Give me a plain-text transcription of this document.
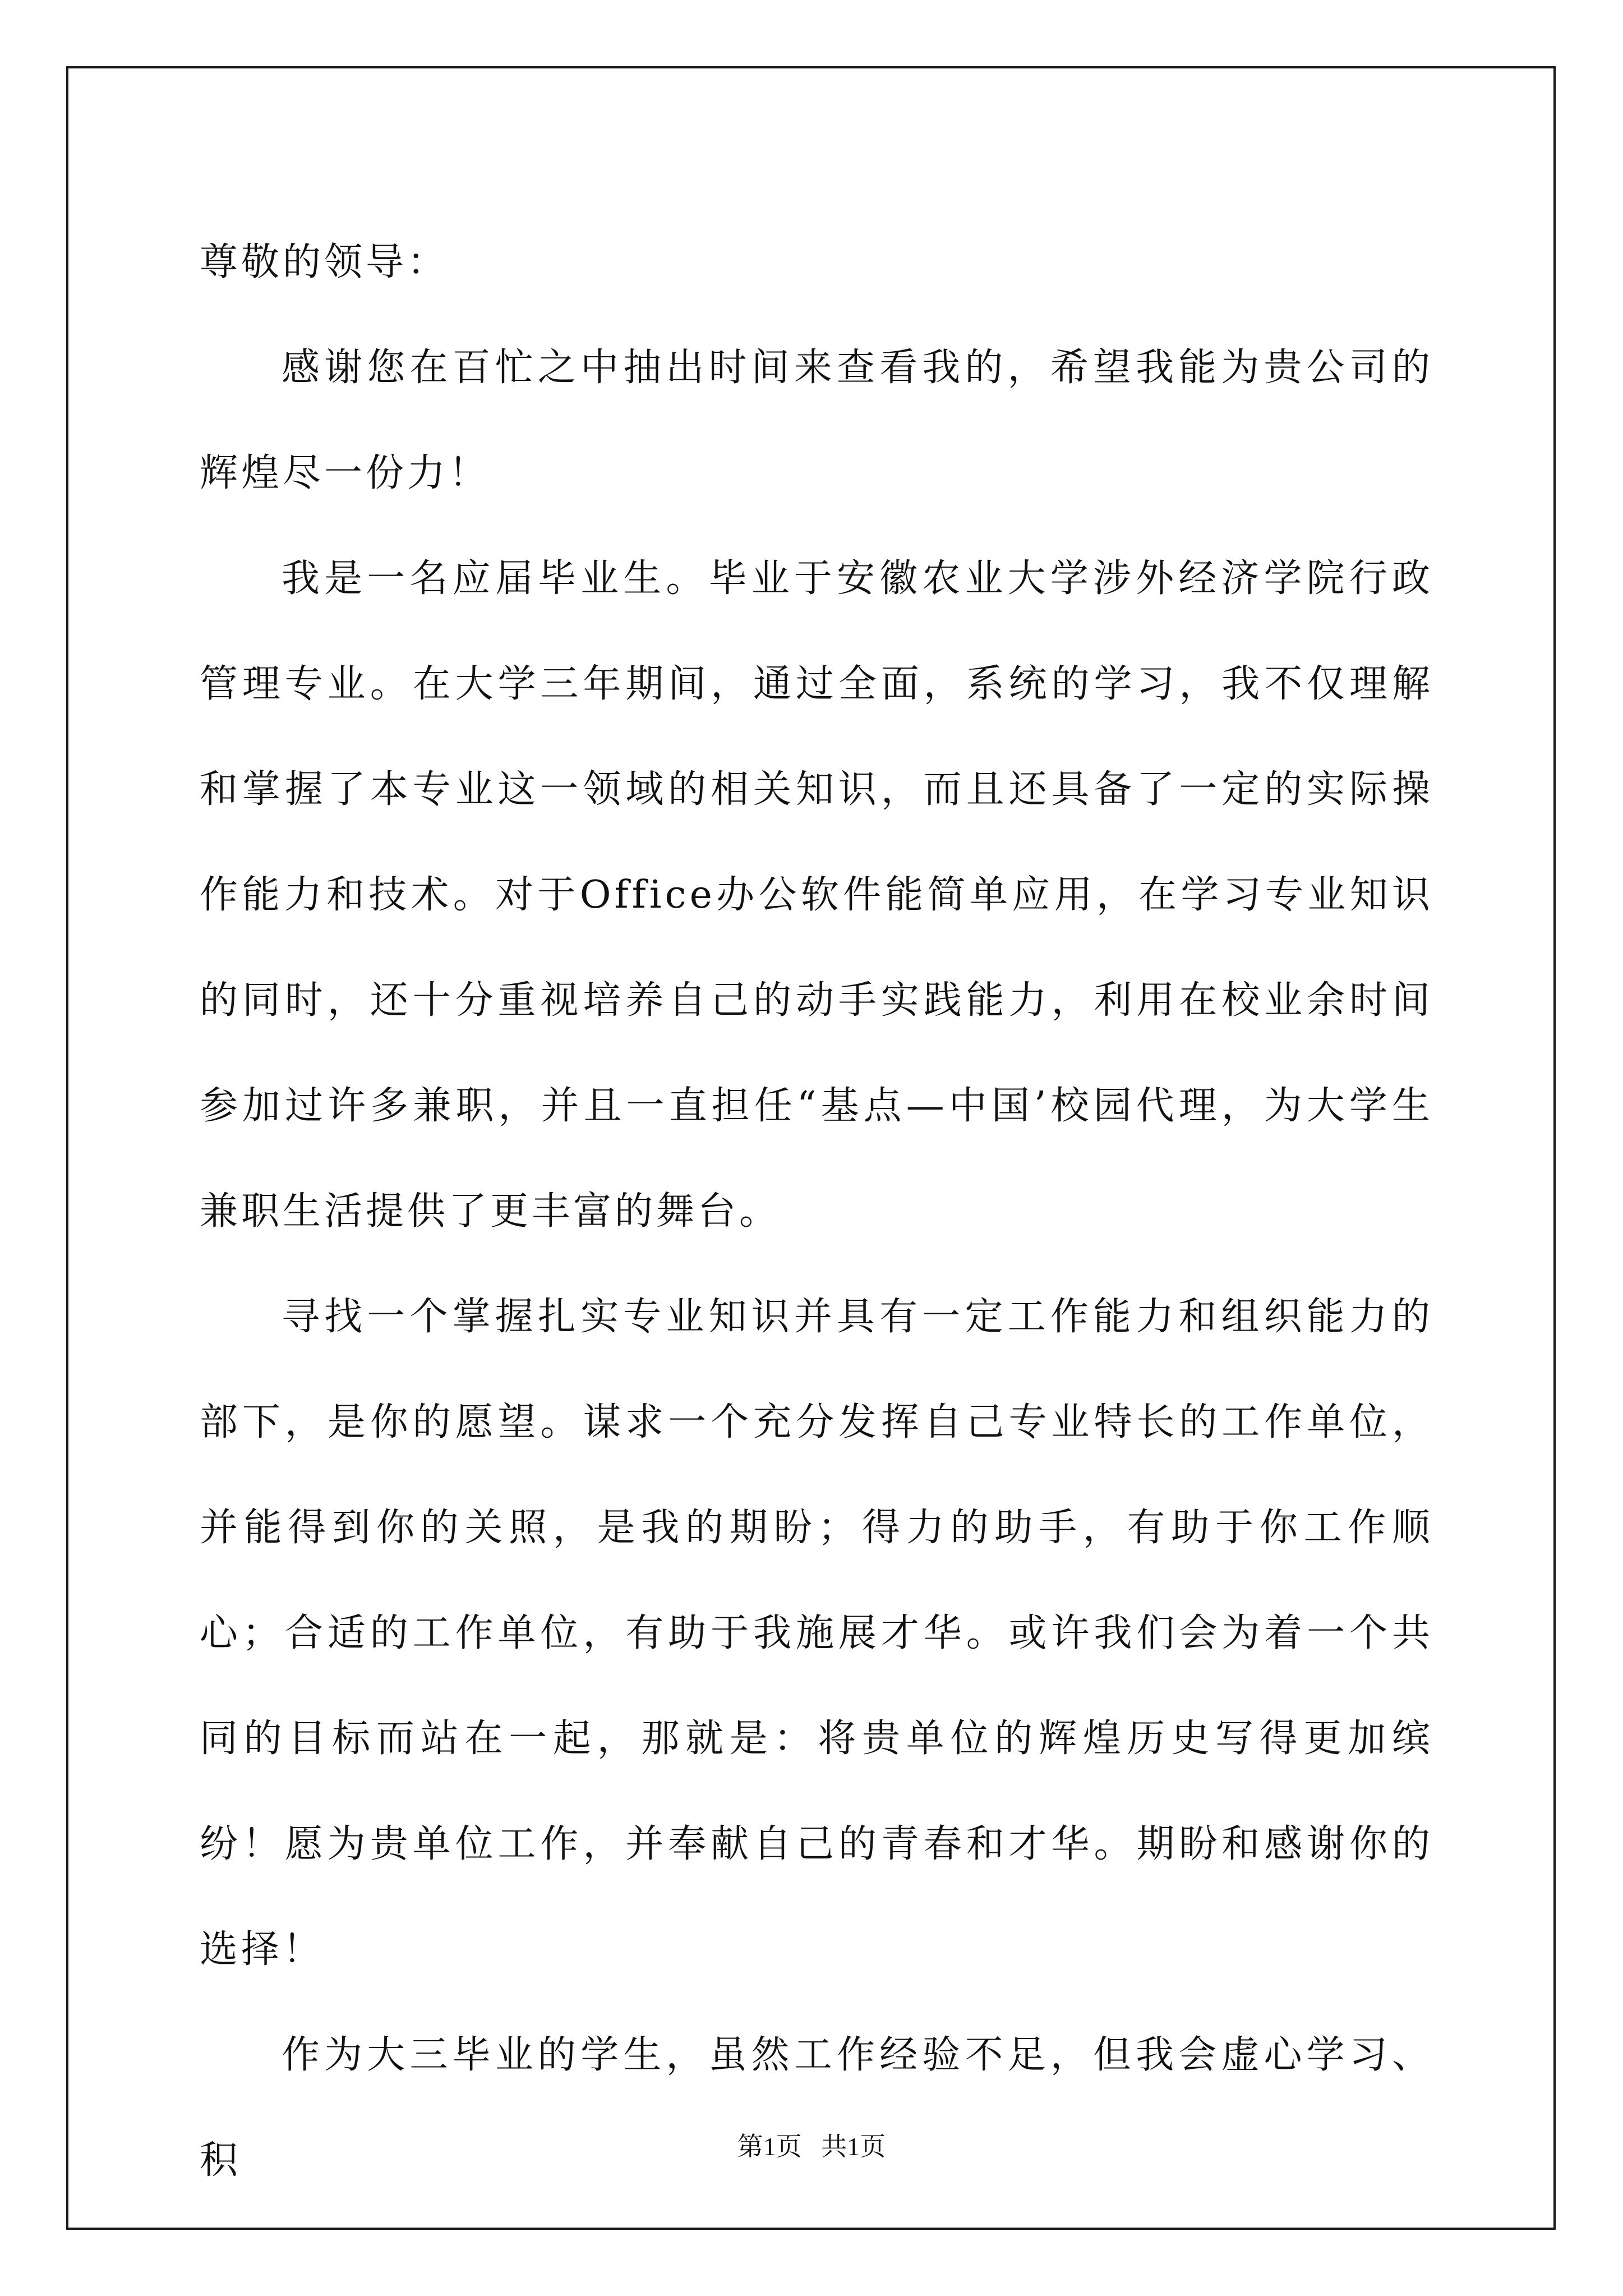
尊敬的领导：

感谢您在百忙之中抽出时间来查看我的，希望我能为贵公司的辉煌尽一份力！

我是一名应届毕业生。毕业于安徽农业大学涉外经济学院行政管理专业。在大学三年期间，通过全面，系统的学习，我不仅理解和掌握了本专业这一领域的相关知识，而且还具备了一定的实际操作能力和技术。对于Office办公软件能简单应用，在学习专业知识的同时，还十分重视培养自己的动手实践能力，利用在校业余时间参加过许多兼职，并且一直担任“基点—中国’校园代理，为大学生兼职生活提供了更丰富的舞台。

寻找一个掌握扎实专业知识并具有一定工作能力和组织能力的部下，是你的愿望。谋求一个充分发挥自己专业特长的工作单位，并能得到你的关照，是我的期盼；得力的助手，有助于你工作顺心；合适的工作单位，有助于我施展才华。或许我们会为着一个共同的目标而站在一起，那就是：将贵单位的辉煌历史写得更加缤纷！愿为贵单位工作，并奉献自己的青春和才华。期盼和感谢你的选择！

作为大三毕业的学生，虽然工作经验不足，但我会虚心学习、积	第1页   共1页
